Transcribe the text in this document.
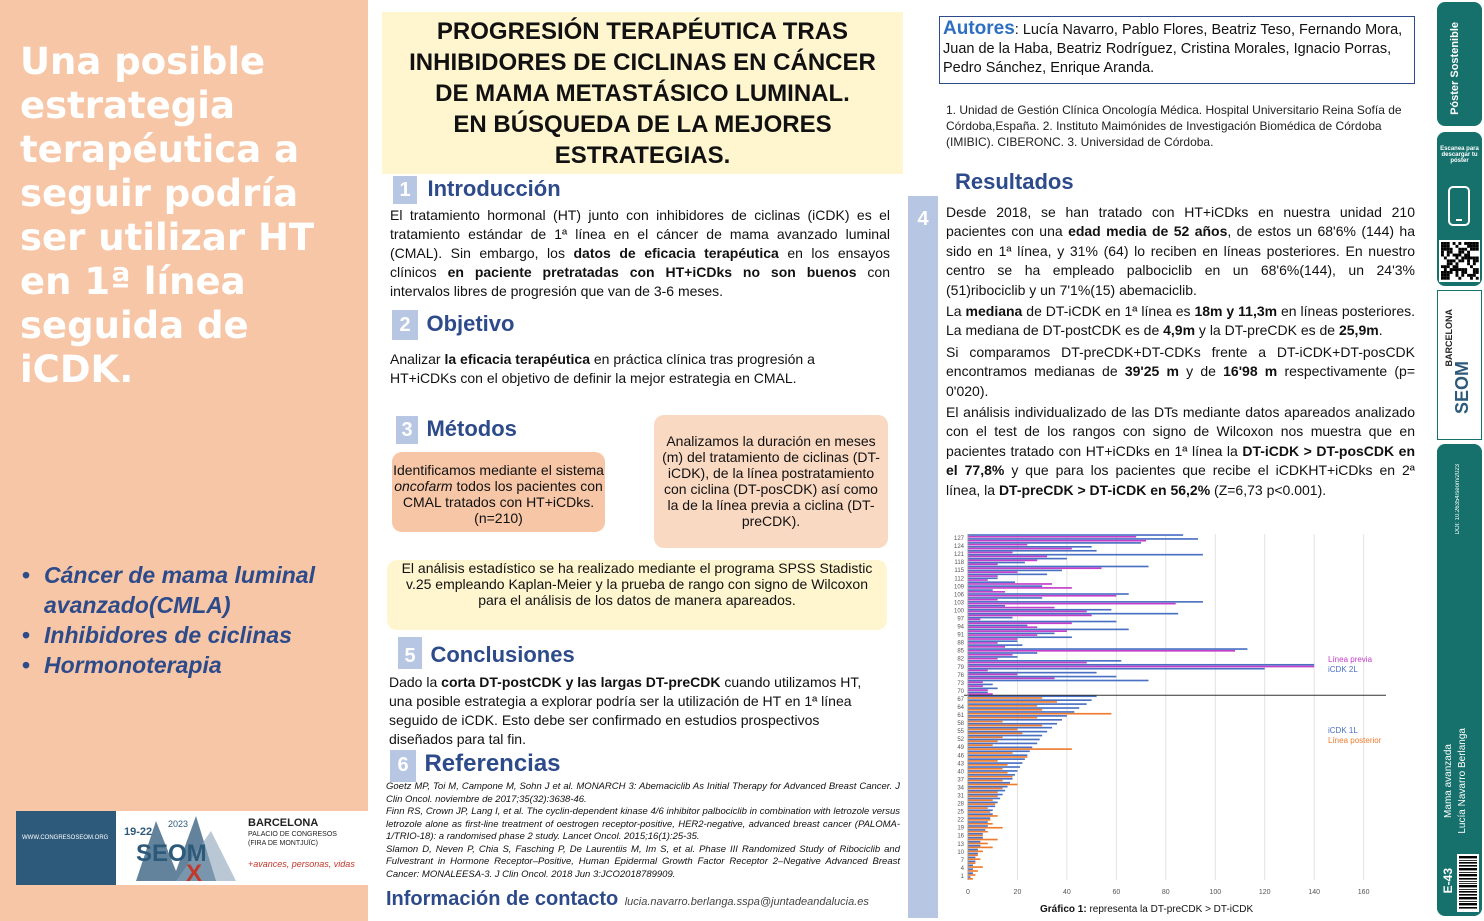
Una posible estrategia terapéutica a seguir podría ser utilizar HT en 1ª línea seguida de iCDK.
• Cáncer de mama luminal avanzado(CMLA)
• Inhibidores de ciclinas
• Hormonoterapia
WWW.CONGRESOSEOM.ORG 19-22
2023
SEOM
X
BARCELONA
PALACIO DE CONGRESOS
(FIRA DE MONTJUÏC)
+avances, personas, vidas
PROGRESIÓN TERAPÉUTICA TRAS
INHIBIDORES DE CICLINAS EN CÁNCER
DE MAMA METASTÁSICO LUMINAL.
EN BÚSQUEDA DE LA MEJORES
ESTRATEGIAS.
1 Introducción
El tratamiento hormonal (HT) junto con inhibidores de ciclinas (iCDK) es el tratamiento estándar de 1ª línea en el cáncer de mama avanzado luminal (CMAL). Sin embargo, los datos de eficacia terapéutica en los ensayos clínicos en paciente pretratadas con HT+iCDks no son buenos con intervalos libres de progresión que van de 3-6 meses.
2 Objetivo
Analizar la eficacia terapéutica en práctica clínica tras progresión a HT+iCDKs con el objetivo de definir la mejor estrategia en CMAL.
3 Métodos
Identificamos mediante el sistema oncofarm todos los pacientes con CMAL tratados con HT+iCDks. (n=210)
Analizamos la duración en meses (m) del tratamiento de ciclinas (DT-iCDK), de la línea postratamiento con ciclina (DT-posCDK) así como la de la línea previa a ciclina (DT-preCDK).
El análisis estadístico se ha realizado mediante el programa SPSS Stadistic v.25 empleando Kaplan-Meier y la prueba de rango con signo de Wilcoxon para el análisis de los datos de manera apareados.
5 Conclusiones
Dado la corta DT-postCDK y las largas DT-preCDK cuando utilizamos HT, una posible estrategia a explorar podría ser la utilización de HT en 1ª línea seguido de iCDK. Esto debe ser confirmado en estudios prospectivos diseñados para tal fin.
6 Referencias
Goetz MP, Toi M, Campone M, Sohn J et al. MONARCH 3: Abemaciclib As Initial Therapy for Advanced Breast Cancer. J Clin Oncol. noviembre de 2017;35(32):3638-46.
Finn RS, Crown JP, Lang I, et al. The cyclin-dependent kinase 4/6 inhibitor palbociclib in combination with letrozole versus letrozole alone as first-line treatment of oestrogen receptor-positive, HER2-negative, advanced breast cancer (PALOMA-1/TRIO-18): a randomised phase 2 study. Lancet Oncol. 2015;16(1):25-35.
Slamon D, Neven P, Chia S, Fasching P, De Laurentiis M, Im S, et al. Phase III Randomized Study of Ribociclib and Fulvestrant in Hormone Receptor–Positive, Human Epidermal Growth Factor Receptor 2–Negative Advanced Breast Cancer: MONALEESA-3. J Clin Oncol. 2018 Jun 3:JCO2018789909.
Información de contacto lucia.navarro.berlanga.sspa@juntadeandalucia.es
Autores: Lucía Navarro, Pablo Flores, Beatriz Teso, Fernando Mora, Juan de la Haba, Beatriz Rodríguez, Cristina Morales, Ignacio Porras, Pedro Sánchez, Enrique Aranda.
1. Unidad de Gestión Clínica Oncología Médica. Hospital Universitario Reina Sofía de Córdoba,España. 2. Instituto Maimónides de Investigación Biomédica de Córdoba (IMIBIC). CIBERONC. 3. Universidad de Córdoba.
4
Resultados
Desde 2018, se han tratado con HT+iCDks en nuestra unidad 210 pacientes con una edad media de 52 años, de estos un 68'6% (144) ha sido en 1ª línea, y 31% (64) lo reciben en líneas posteriores. En nuestro centro se ha empleado palbociclib en un 68'6%(144), un 24'3%(51)ribociclib y un 7'1%(15) abemaciclib.
La mediana de DT-iCDK en 1ª línea es 18m y 11,3m en líneas posteriores. La mediana de DT-postCDK es de 4,9m y la DT-preCDK es de 25,9m.
Si comparamos DT-preCDK+DT-CDKs frente a DT-iCDK+DT-posCDK encontramos medianas de 39'25 m y de 16'98 m respectivamente (p= 0'020).
El análisis individualizado de las DTs mediante datos apareados analizado con el test de los rangos con signo de Wilcoxon nos muestra que en pacientes tratado con HT+iCDks en 1ª línea la DT-iCDK > DT-posCDK en el 77,8% y que para los pacientes que recibe el iCDKHT+iCDks en 2ª línea, la DT-preCDK > DT-iCDK en 56,2% (Z=6,73 p<0.001).
0	20	40	60	80	100	120	140	160
127
124
121
118
115
112
109
106
103
100
97
94
91
88
85
82
79
76
73
70
67
64
61
58
55
52
49
46
43
40
37
34
31
28
25
22
19
16
13
10
7
4
1
Línea previa
iCDK 2L
iCDK 1L
Línea posterior
Gráfico 1: representa la DT-preCDK > DT-iCDK
Póster Sostenible
Escanea para descargar tu póster
BARCELONA
SEOM
DOI: 10.26354/seom/2023
Mama avanzada Lucía Navarro Berlanga
E-43
